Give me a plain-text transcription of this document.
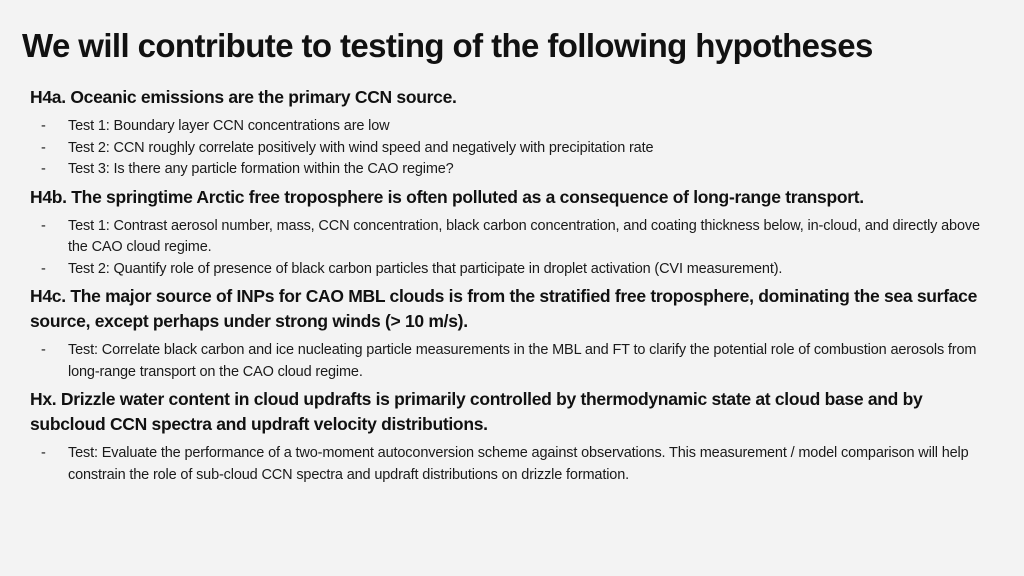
We will contribute to testing of the following hypotheses

H4a. Oceanic emissions are the primary CCN source.

- Test 1: Boundary layer CCN concentrations are low
- Test 2: CCN roughly correlate positively with wind speed and negatively with precipitation rate
- Test 3: Is there any particle formation within the CAO regime?

H4b. The springtime Arctic free troposphere is often polluted as a consequence of long-range transport.

- Test 1: Contrast aerosol number, mass, CCN concentration, black carbon concentration, and coating thickness below, in-cloud, and directly above the CAO cloud regime.
- Test 2: Quantify role of presence of black carbon particles that participate in droplet activation (CVI measurement).

H4c. The major source of INPs for CAO MBL clouds is from the stratified free troposphere, dominating the sea surface source, except perhaps under strong winds (> 10 m/s).

- Test: Correlate black carbon and ice nucleating particle measurements in the MBL and FT to clarify the potential role of combustion aerosols from long-range transport on the CAO cloud regime.

Hx. Drizzle water content in cloud updrafts is primarily controlled by thermodynamic state at cloud base and by subcloud CCN spectra and updraft velocity distributions.

- Test: Evaluate the performance of a two-moment autoconversion scheme against observations. This measurement / model comparison will help constrain the role of sub-cloud CCN spectra and updraft distributions on drizzle formation.
